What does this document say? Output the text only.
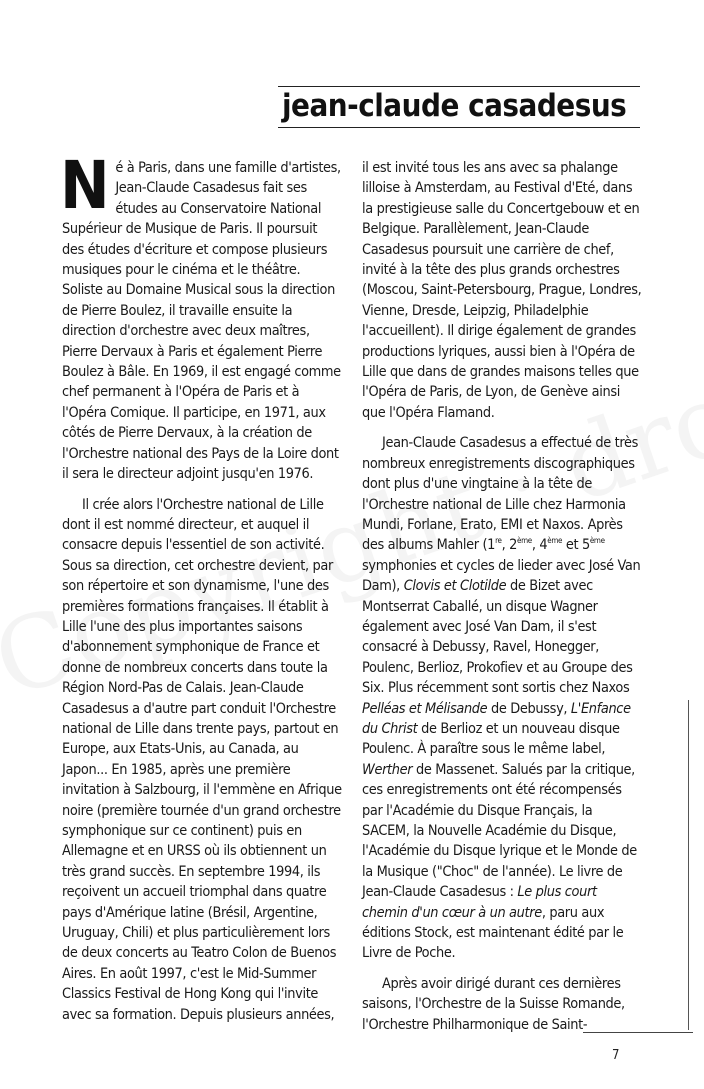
jean-claude casadesus

Né à Paris, dans une famille d'artistes, Jean-Claude Casadesus fait ses études au Conservatoire National Supérieur de Musique de Paris. Il poursuit des études d'écriture et compose plusieurs musiques pour le cinéma et le théâtre. Soliste au Domaine Musical sous la direction de Pierre Boulez, il travaille ensuite la direction d'orchestre avec deux maîtres, Pierre Dervaux à Paris et également Pierre Boulez à Bâle. En 1969, il est engagé comme chef permanent à l'Opéra de Paris et à l'Opéra Comique. Il participe, en 1971, aux côtés de Pierre Dervaux, à la création de l'Orchestre national des Pays de la Loire dont il sera le directeur adjoint jusqu'en 1976.

Il crée alors l'Orchestre national de Lille dont il est nommé directeur, et auquel il consacre depuis l'essentiel de son activité. Sous sa direction, cet orchestre devient, par son répertoire et son dynamisme, l'une des premières formations françaises. Il établit à Lille l'une des plus importantes saisons d'abonnement symphonique de France et donne de nombreux concerts dans toute la Région Nord-Pas de Calais. Jean-Claude Casadesus a d'autre part conduit l'Orchestre national de Lille dans trente pays, partout en Europe, aux Etats-Unis, au Canada, au Japon... En 1985, après une première invitation à Salzbourg, il l'emmène en Afrique noire (première tournée d'un grand orchestre symphonique sur ce continent) puis en Allemagne et en URSS où ils obtiennent un très grand succès. En septembre 1994, ils reçoivent un accueil triomphal dans quatre pays d'Amérique latine (Brésil, Argentine, Uruguay, Chili) et plus particulièrement lors de deux concerts au Teatro Colon de Buenos Aires. En août 1997, c'est le Mid-Summer Classics Festival de Hong Kong qui l'invite avec sa formation. Depuis plusieurs années,

il est invité tous les ans avec sa phalange lilloise à Amsterdam, au Festival d'Eté, dans la prestigieuse salle du Concertgebouw et en Belgique. Parallèlement, Jean-Claude Casadesus poursuit une carrière de chef, invité à la tête des plus grands orchestres (Moscou, Saint-Petersbourg, Prague, Londres, Vienne, Dresde, Leipzig, Philadelphie l'accueillent). Il dirige également de grandes productions lyriques, aussi bien à l'Opéra de Lille que dans de grandes maisons telles que l'Opéra de Paris, de Lyon, de Genève ainsi que l'Opéra Flamand.

Jean-Claude Casadesus a effectué de très nombreux enregistrements discographiques dont plus d'une vingtaine à la tête de l'Orchestre national de Lille chez Harmonia Mundi, Forlane, Erato, EMI et Naxos. Après des albums Mahler (1re, 2ème, 4ème et 5ème symphonies et cycles de lieder avec José Van Dam), Clovis et Clotilde de Bizet avec Montserrat Caballé, un disque Wagner également avec José Van Dam, il s'est consacré à Debussy, Ravel, Honegger, Poulenc, Berlioz, Prokofiev et au Groupe des Six. Plus récemment sont sortis chez Naxos Pelléas et Mélisande de Debussy, L'Enfance du Christ de Berlioz et un nouveau disque Poulenc. À paraître sous le même label, Werther de Massenet. Salués par la critique, ces enregistrements ont été récompensés par l'Académie du Disque Français, la SACEM, la Nouvelle Académie du Disque, l'Académie du Disque lyrique et le Monde de la Musique ("Choc" de l'année). Le livre de Jean-Claude Casadesus : Le plus court chemin d'un cœur à un autre, paru aux éditions Stock, est maintenant édité par le Livre de Poche.

Après avoir dirigé durant ces dernières saisons, l'Orchestre de la Suisse Romande, l'Orchestre Philharmonique de Saint-

7
